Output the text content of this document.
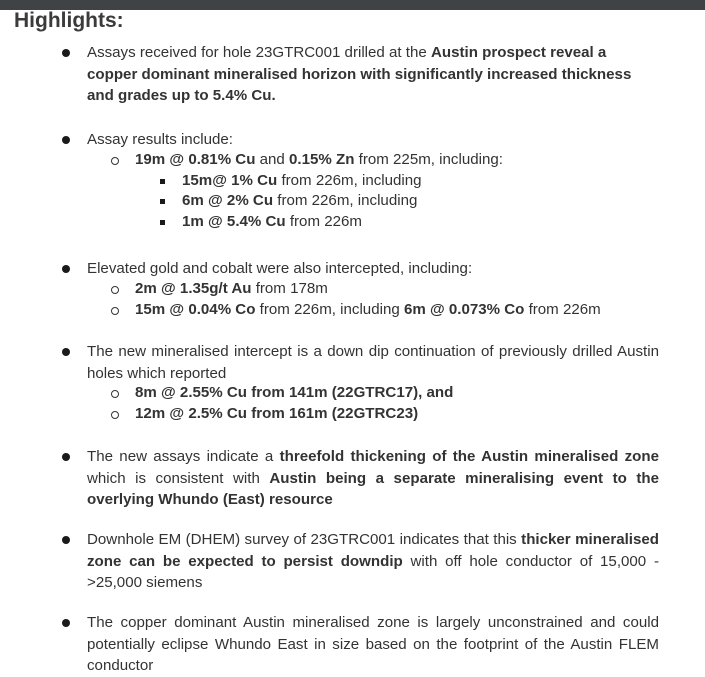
Highlights:

Assays received for hole 23GTRC001 drilled at the Austin prospect reveal a copper dominant mineralised horizon with significantly increased thickness and grades up to 5.4% Cu.

Assay results include:

19m @ 0.81% Cu and 0.15% Zn from 225m, including:
15m@ 1% Cu from 226m, including
6m @ 2% Cu from 226m, including
1m @ 5.4% Cu from 226m

Elevated gold and cobalt were also intercepted, including:

2m @ 1.35g/t Au from 178m
15m @ 0.04% Co from 226m, including 6m @ 0.073% Co from 226m

The new mineralised intercept is a down dip continuation of previously drilled Austin holes which reported

8m @ 2.55% Cu from 141m (22GTRC17), and
12m @ 2.5% Cu from 161m (22GTRC23)

The new assays indicate a threefold thickening of the Austin mineralised zone which is consistent with Austin being a separate mineralising event to the overlying Whundo (East) resource

Downhole EM (DHEM) survey of 23GTRC001 indicates that this thicker mineralised zone can be expected to persist downdip with off hole conductor of 15,000 - >25,000 siemens

The copper dominant Austin mineralised zone is largely unconstrained and could potentially eclipse Whundo East in size based on the footprint of the Austin FLEM conductor
